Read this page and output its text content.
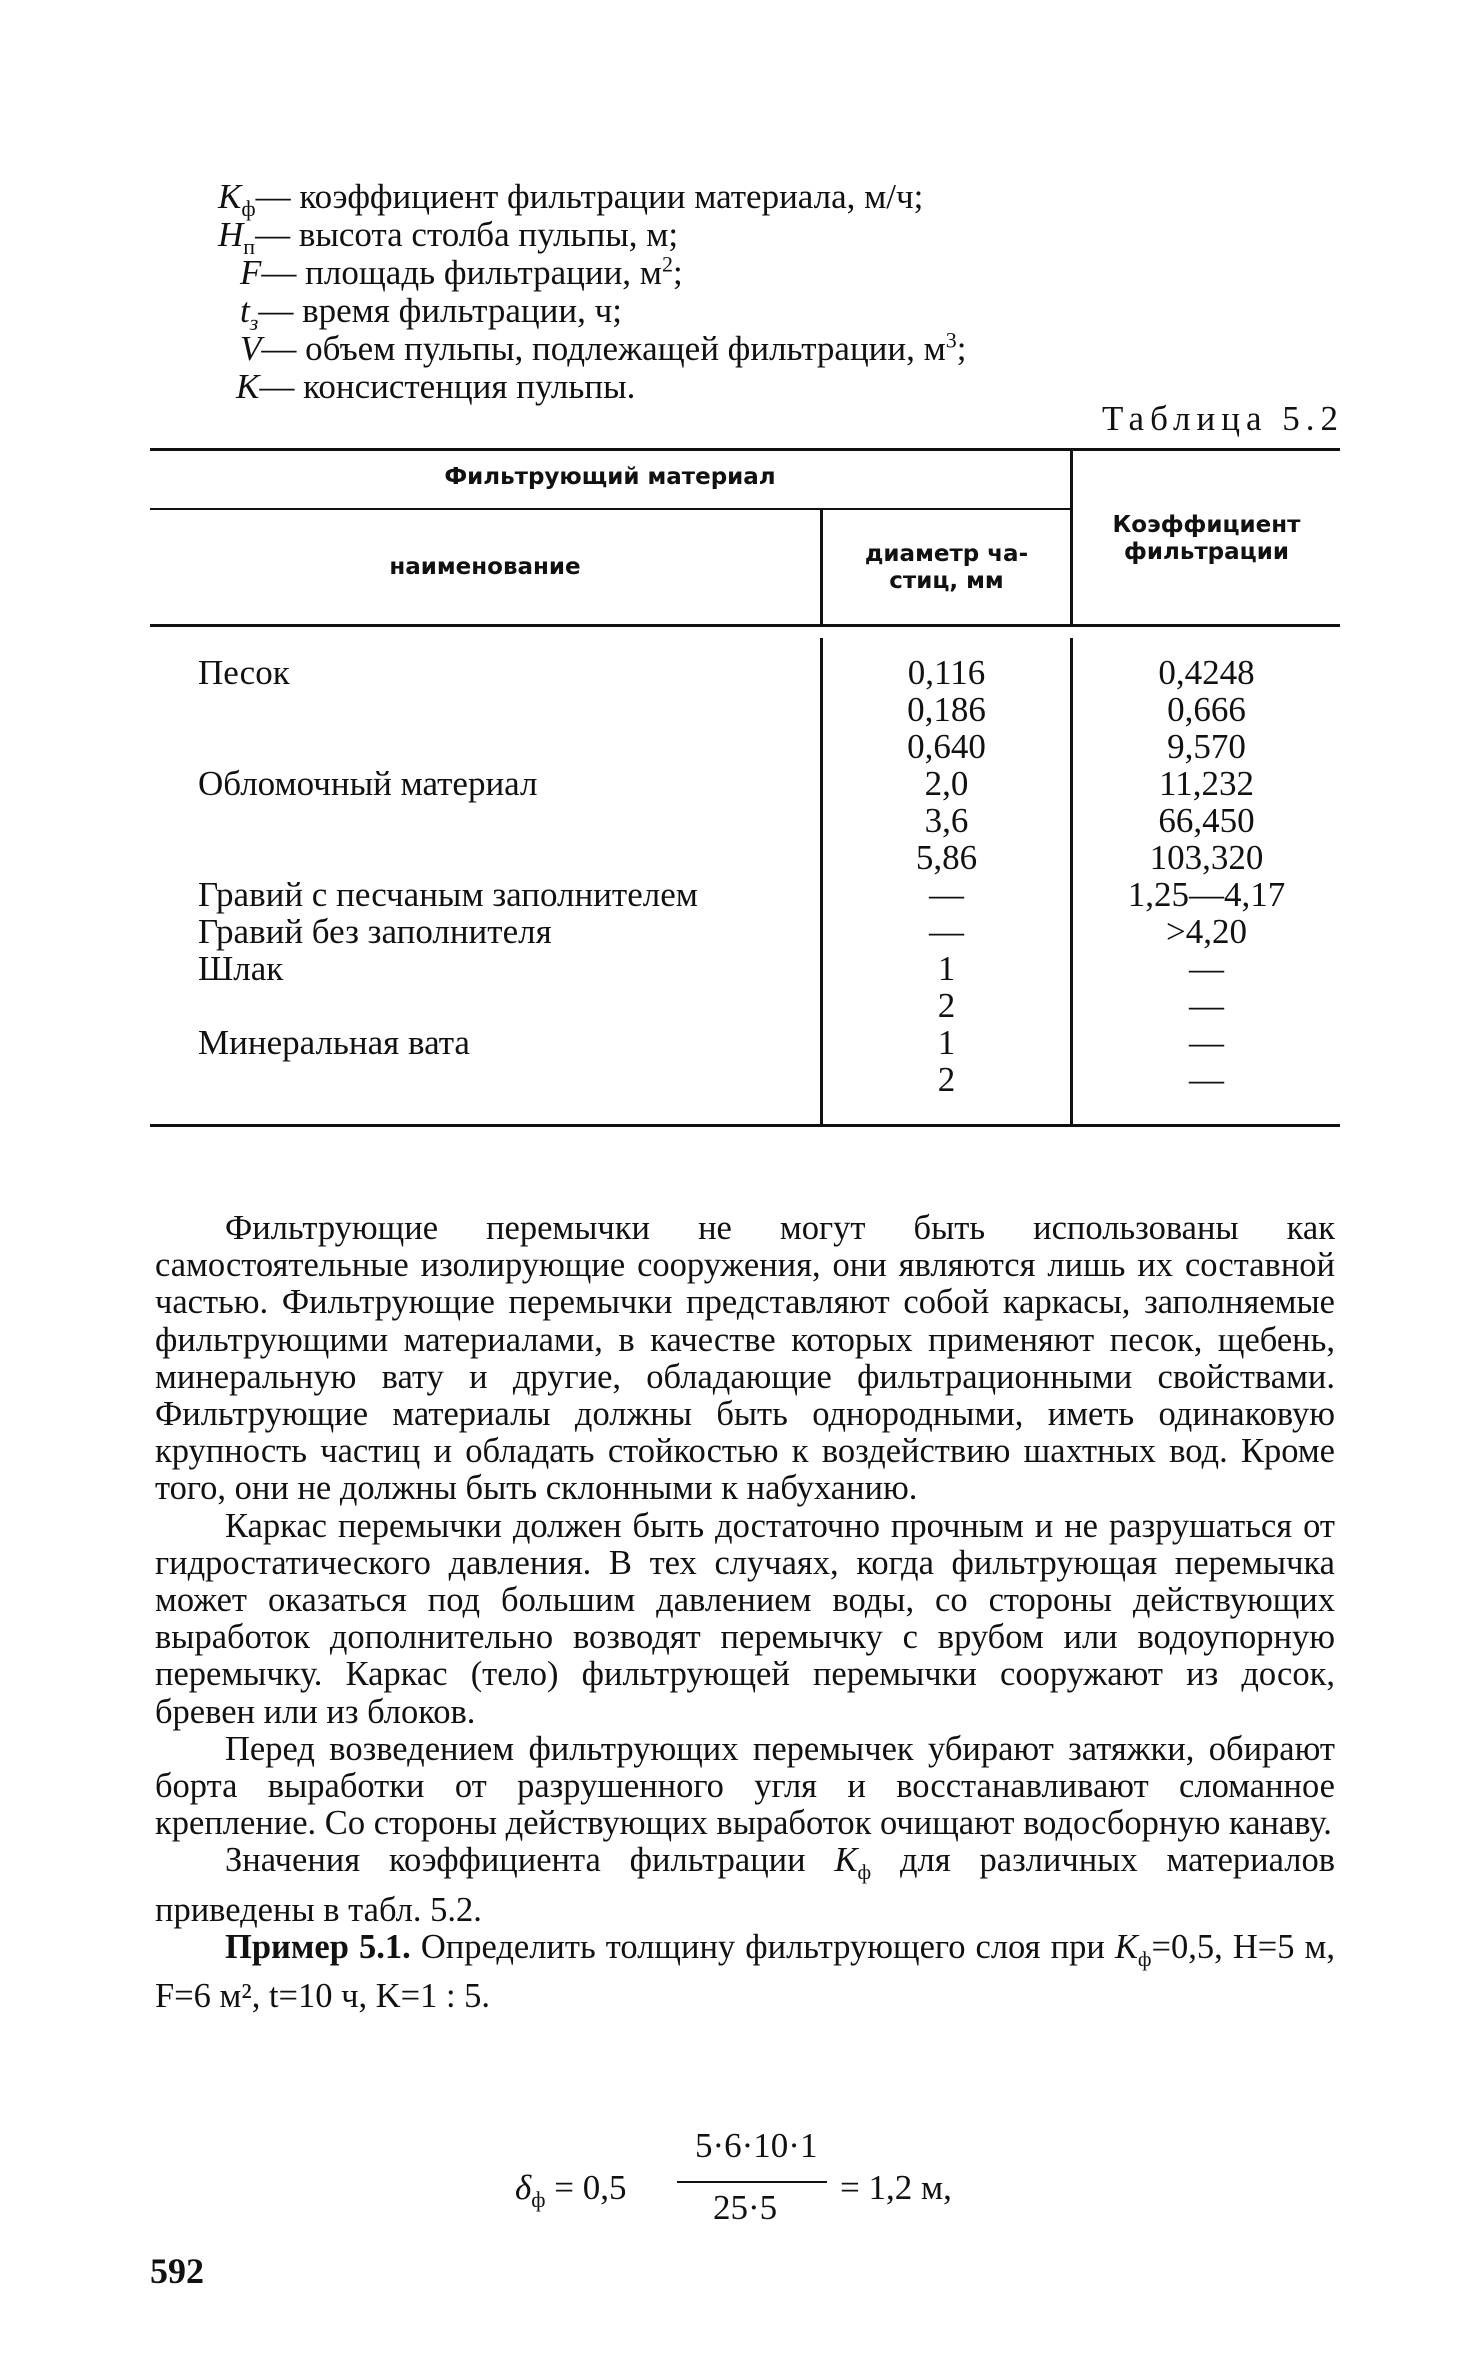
$K_ф—$ коэффициент фильтрации материала, м/ч;
$H_п—$ высота столба пульпы, м;
F— площадь фильтрации, $м^2$;
$t_з—$ время фильтрации, ч;
V— объем пульпы, подлежащей фильтрации, $м^3$;
K— консистенция пульпы.
Таблица 5.2
Фильтрующий материал
наименование	диаметр ча-
стиц, мм
Коэффициент
фильтрации
Песок
Обломочный материал
Гравий с песчаным заполнителем
Гравий без заполнителя
Шлак
Минеральная вата
0,116
0,186
0,640
2,0
3,6
5,86
—
—
1
2
1
2
0,4248
0,666
9,570
11,232
66,450
103,320
1,25—4,17
>4,20
—
—
—
—

Фильтрующие перемычки не могут быть использованы как самостоятельные изолирующие сооружения, они являются лишь их составной частью. Фильтрующие перемычки представляют собой каркасы, заполняемые фильтрующими материалами, в качестве которых применяют песок, щебень, минеральную вату и другие, обладающие фильтрационными свойствами. Фильтрующие материалы должны быть однородными, иметь одинаковую крупность частиц и обладать стойкостью к воздействию шахтных вод. Кроме того, они не должны быть склонными к набуханию.

Каркас перемычки должен быть достаточно прочным и не разрушаться от гидростатического давления. В тех случаях, когда фильтрующая перемычка может оказаться под большим давлением воды, со стороны действующих выработок дополнительно возводят перемычку с врубом или водоупорную перемычку. Каркас (тело) фильтрующей перемычки сооружают из досок, бревен или из блоков.

Перед возведением фильтрующих перемычек убирают затяжки, обирают борта выработки от разрушенного угля и восстанавливают сломанное крепление. Со стороны действующих выработок очищают водосборную канаву.

Значения коэффициента фильтрации $K_ф$ для различных материалов приведены в табл. 5.2.

Пример 5.1. Определить толщину фильтрующего слоя при $K_ф=0,5$, H=5 м, F=6 м², t=10 ч, K=1 : 5.

$\delta_ф = 0,5$
5·6·10·1
25·5
= 1,2 м,
592
